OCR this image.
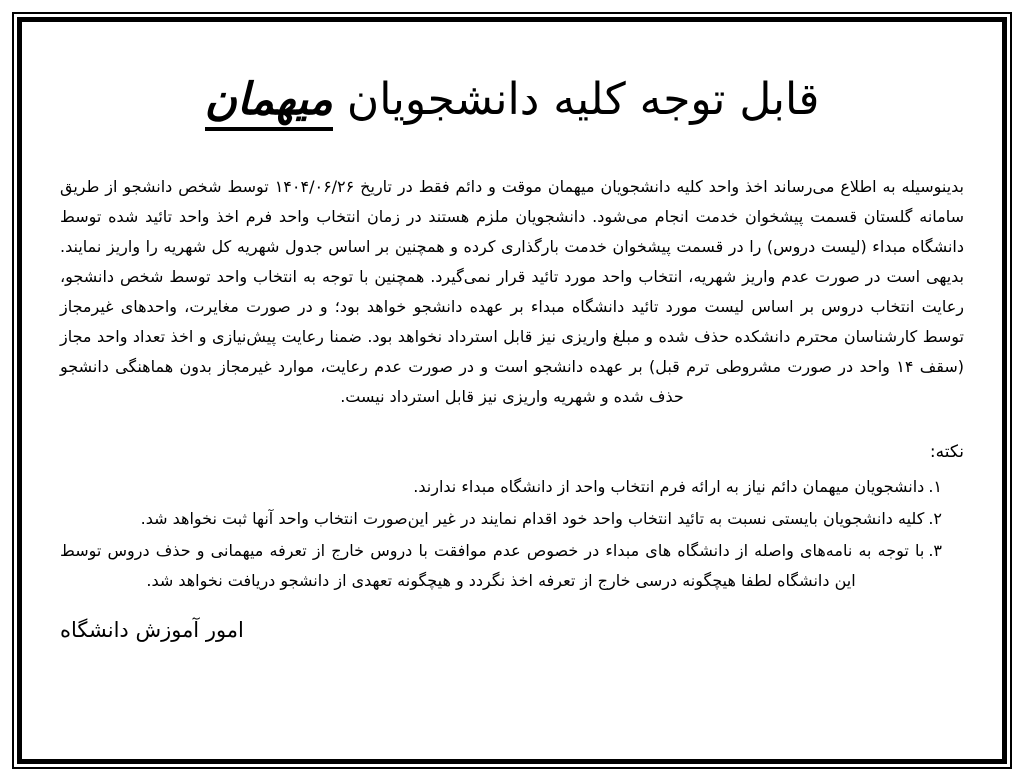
قابل توجه کلیه دانشجویان میهمان

بدینوسیله به اطلاع می‌رساند اخذ واحد کلیه دانشجویان میهمان موقت و دائم فقط در تاریخ ۱۴۰۴/۰۶/۲۶ توسط شخص دانشجو از طریق سامانه گلستان قسمت پیشخوان خدمت انجام می‌شود. دانشجویان ملزم هستند در زمان انتخاب واحد فرم اخذ واحد تائید شده توسط دانشگاه مبداء (لیست دروس) را در قسمت پیشخوان خدمت بارگذاری کرده و همچنین بر اساس جدول شهریه کل شهریه را واریز نمایند. بدیهی است در صورت عدم واریز شهریه، انتخاب واحد مورد تائید قرار نمی‌گیرد. همچنین با توجه به انتخاب واحد توسط شخص دانشجو، رعایت انتخاب دروس بر اساس لیست مورد تائید دانشگاه مبداء بر عهده دانشجو خواهد بود؛ و در صورت مغایرت، واحدهای غیرمجاز توسط کارشناسان محترم دانشکده حذف شده و مبلغ واریزی نیز قابل استرداد نخواهد بود. ضمنا رعایت پیش‌نیازی و اخذ تعداد واحد مجاز (سقف ۱۴ واحد در صورت مشروطی ترم قبل) بر عهده دانشجو است و در صورت عدم رعایت، موارد غیرمجاز بدون هماهنگی دانشجو حذف شده و شهریه واریزی نیز قابل استرداد نیست.

نکته:
۱.دانشجویان میهمان دائم نیاز به ارائه فرم انتخاب واحد از دانشگاه مبداء ندارند.
۲.کلیه دانشجویان بایستی نسبت به تائید انتخاب واحد خود اقدام نمایند در غیر این‌صورت انتخاب واحد آنها ثبت نخواهد شد.
۳.با توجه به نامه‌های واصله از دانشگاه های مبداء در خصوص عدم موافقت با دروس خارج از تعرفه میهمانی و حذف دروس توسط این دانشگاه لطفا هیچگونه درسی خارج از تعرفه اخذ نگردد و هیچگونه تعهدی از دانشجو دریافت نخواهد شد.
امور آموزش دانشگاه
